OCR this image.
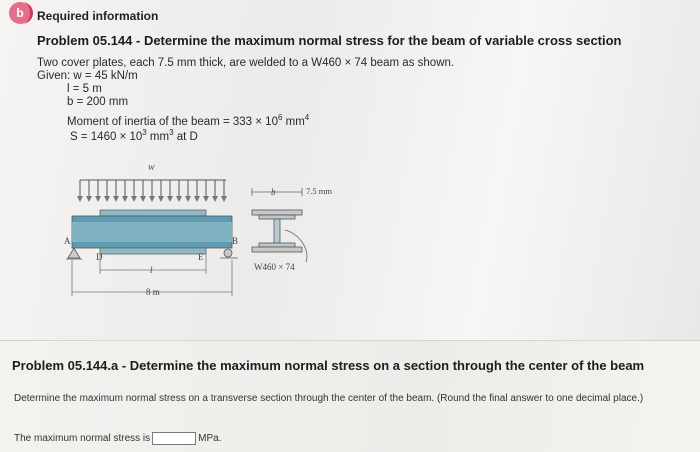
b	Required information
Problem 05.144 - Determine the maximum normal stress for the beam of variable cross section
Two cover plates, each 7.5 mm thick, are welded to a W460 × 74 beam as shown.
Given: w = 45 kN/m
l = 5 m
b = 200 mm
Moment of inertia of the beam = $333 \times 10^6$ $mm^4$
$S = 1460 \times 10^3$ $mm^3$ at D
w
A	B
D	E
l
8 m
b	7.5 mm
W460 × 74
Problem 05.144.a - Determine the maximum normal stress on a section through the center of the beam
Determine the maximum normal stress on a transverse section through the center of the beam. (Round the final answer to one decimal place.)
The maximum normal stress is	MPa.
